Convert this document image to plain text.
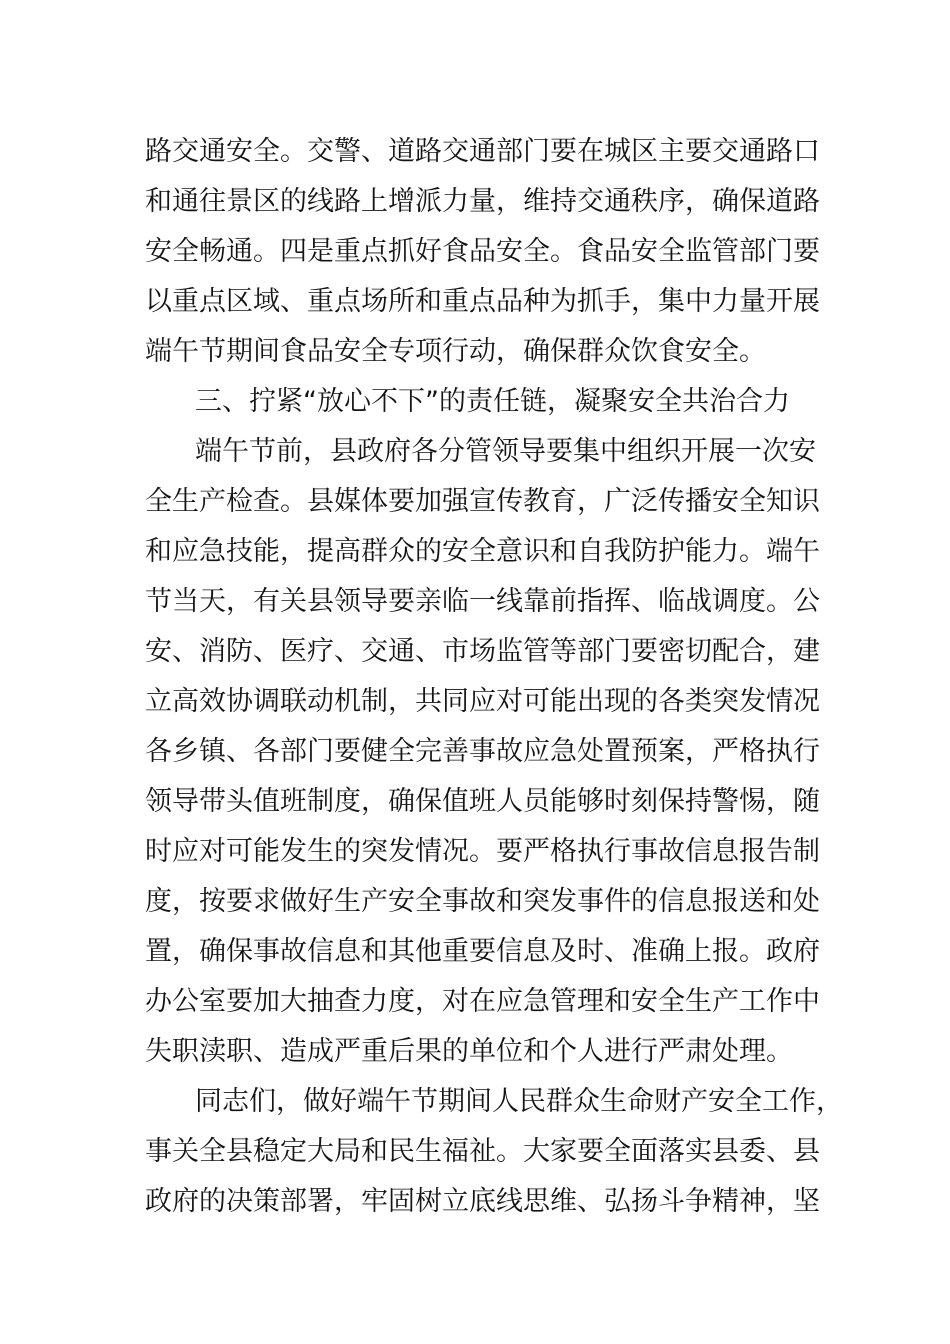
路交通安全。交警、道路交通部门要在城区主要交通路口
和通往景区的线路上增派力量，维持交通秩序，确保道路
安全畅通。四是重点抓好食品安全。食品安全监管部门要
以重点区域、重点场所和重点品种为抓手，集中力量开展
端午节期间食品安全专项行动，确保群众饮食安全。
三、拧紧“放心不下”的责任链，凝聚安全共治合力
端午节前，县政府各分管领导要集中组织开展一次安
全生产检查。县媒体要加强宣传教育，广泛传播安全知识
和应急技能，提高群众的安全意识和自我防护能力。端午
节当天，有关县领导要亲临一线靠前指挥、临战调度。公
安、消防、医疗、交通、市场监管等部门要密切配合，建
立高效协调联动机制，共同应对可能出现的各类突发情况
各乡镇、各部门要健全完善事故应急处置预案，严格执行
领导带头值班制度，确保值班人员能够时刻保持警惕，随
时应对可能发生的突发情况。要严格执行事故信息报告制
度，按要求做好生产安全事故和突发事件的信息报送和处
置，确保事故信息和其他重要信息及时、准确上报。政府
办公室要加大抽查力度，对在应急管理和安全生产工作中
失职渎职、造成严重后果的单位和个人进行严肃处理。
同志们，做好端午节期间人民群众生命财产安全工作，
事关全县稳定大局和民生福祉。大家要全面落实县委、县
政府的决策部署，牢固树立底线思维、弘扬斗争精神，坚
